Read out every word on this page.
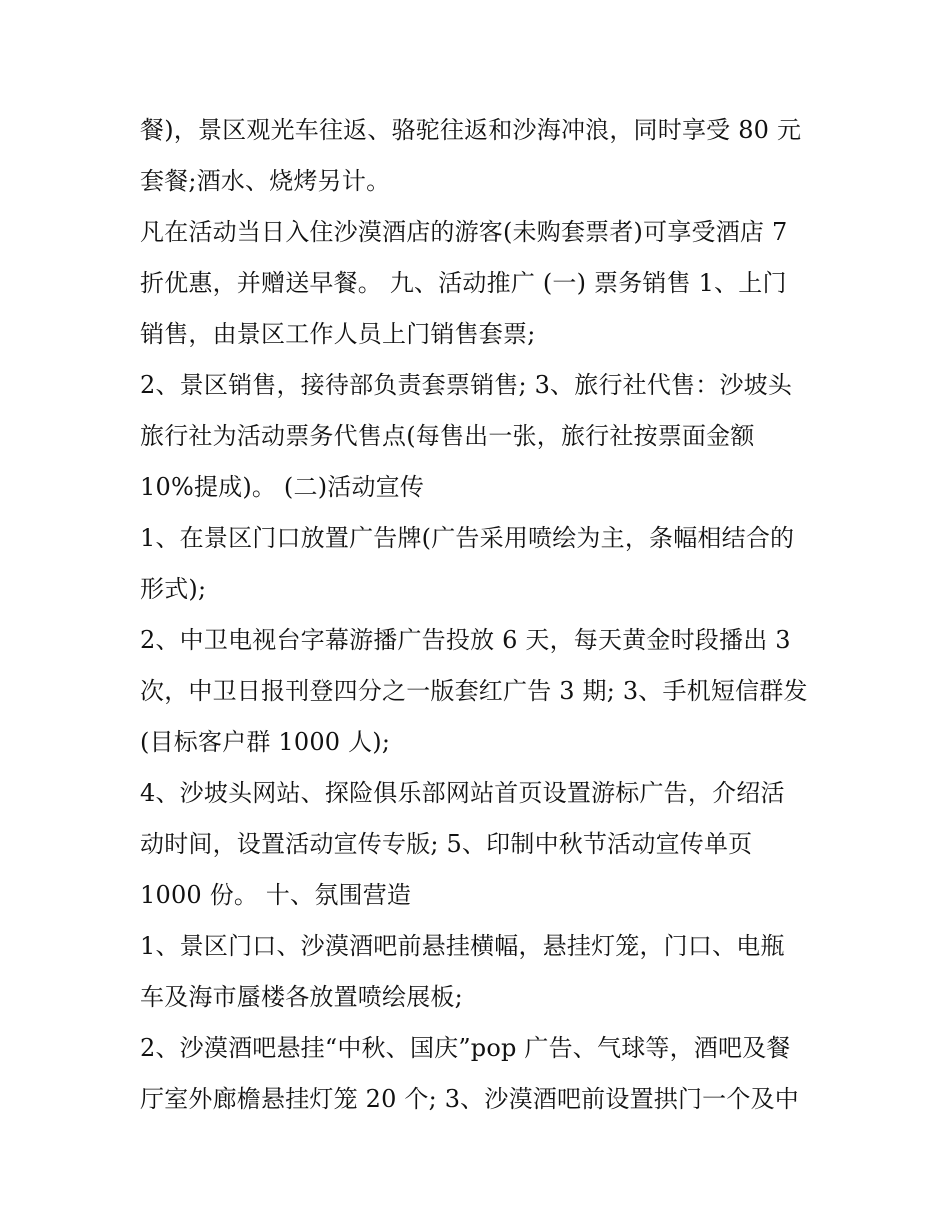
餐)，景区观光车往返、骆驼往返和沙海冲浪，同时享受 80 元
套餐;酒水、烧烤另计。
凡在活动当日入住沙漠酒店的游客(未购套票者)可享受酒店 7
折优惠，并赠送早餐。 九、活动推广 (一) 票务销售 1、上门
销售，由景区工作人员上门销售套票;
2、景区销售，接待部负责套票销售; 3、旅行社代售：沙坡头
旅行社为活动票务代售点(每售出一张，旅行社按票面金额
10%提成)。 (二)活动宣传
1、在景区门口放置广告牌(广告采用喷绘为主，条幅相结合的
形式);
2、中卫电视台字幕游播广告投放 6 天，每天黄金时段播出 3
次，中卫日报刊登四分之一版套红广告 3 期; 3、手机短信群发
(目标客户群 1000 人);
4、沙坡头网站、探险俱乐部网站首页设置游标广告，介绍活
动时间，设置活动宣传专版; 5、印制中秋节活动宣传单页
1000 份。 十、氛围营造
1、景区门口、沙漠酒吧前悬挂横幅，悬挂灯笼，门口、电瓶
车及海市蜃楼各放置喷绘展板;
2、沙漠酒吧悬挂“中秋、国庆”pop 广告、气球等，酒吧及餐
厅室外廊檐悬挂灯笼 20 个; 3、沙漠酒吧前设置拱门一个及中
